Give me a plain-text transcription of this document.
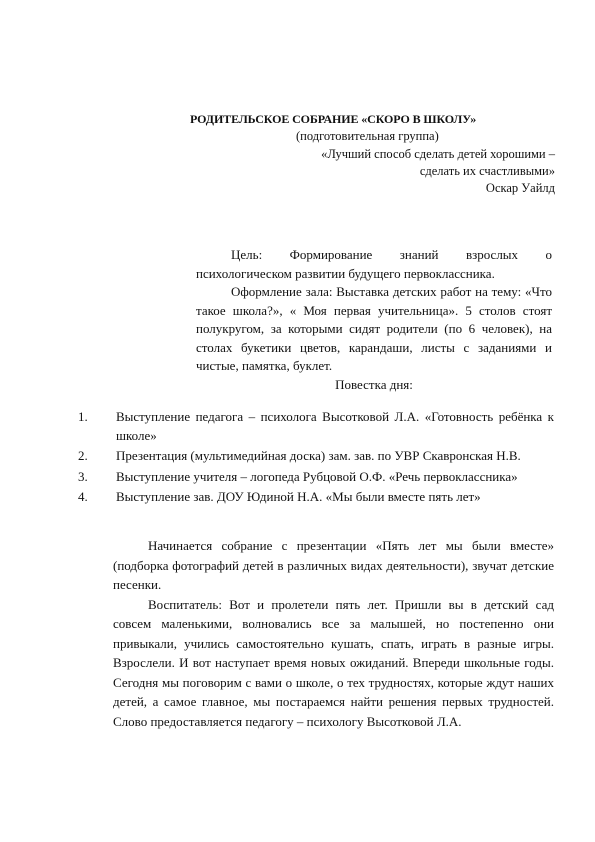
РОДИТЕЛЬСКОЕ СОБРАНИЕ «СКОРО В ШКОЛУ»
(подготовительная группа)
«Лучший способ сделать детей хорошими –
сделать их счастливыми»
Оскар Уайлд

Цель: Формирование знаний взрослых о психологическом развитии будущего первоклассника.

Оформление зала: Выставка детских работ на тему: «Что такое школа?», « Моя первая учительница». 5 столов стоят полукругом, за которыми сидят родители (по 6 человек), на столах букетики цветов, карандаши, листы с заданиями и чистые, памятка, буклет.

Повестка дня:

1. Выступление педагога – психолога Высотковой Л.А. «Готовность ребёнка к школе»
2. Презентация (мультимедийная доска) зам. зав. по УВР Скавронская Н.В.
3. Выступление учителя – логопеда Рубцовой О.Ф. «Речь первоклассника»
4. Выступление зав. ДОУ Юдиной Н.А. «Мы были вместе пять лет»

Начинается собрание с презентации «Пять лет мы были вместе» (подборка фотографий детей в различных видах деятельности), звучат детские песенки.

Воспитатель: Вот и пролетели пять лет. Пришли вы в детский сад совсем маленькими, волновались все за малышей, но постепенно они привыкали, учились самостоятельно кушать, спать, играть в разные игры. Взрослели. И вот наступает время новых ожиданий. Впереди школьные годы. Сегодня мы поговорим с вами о школе, о тех трудностях, которые ждут наших детей, а самое главное, мы постараемся найти решения первых трудностей. Слово предоставляется педагогу – психологу Высотковой Л.А.
